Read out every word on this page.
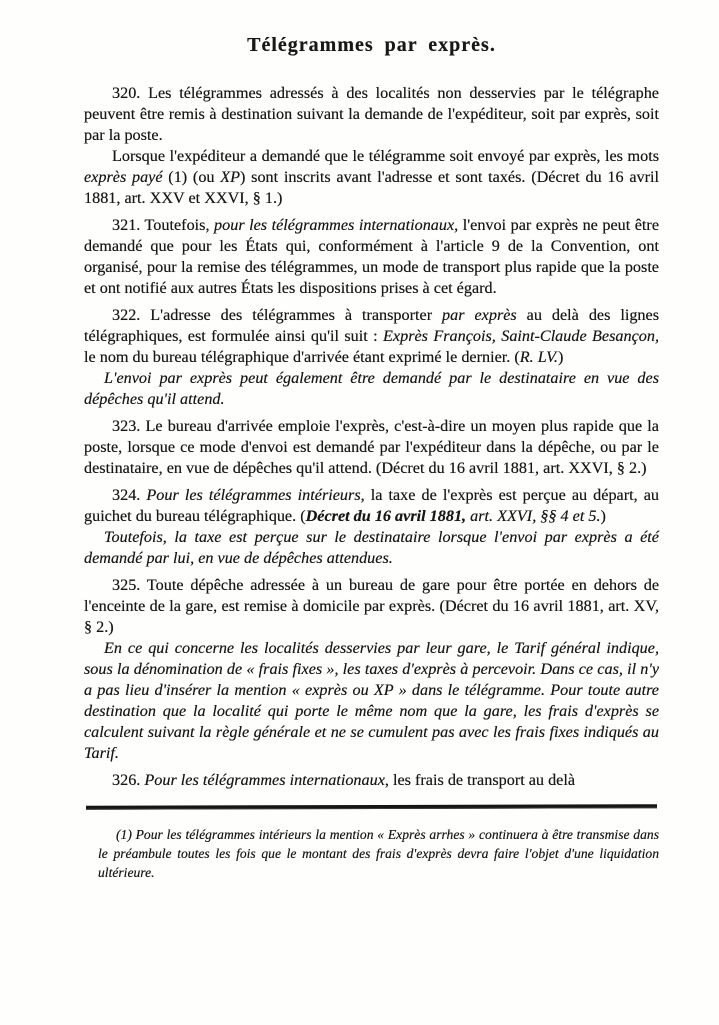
Télégrammes par exprès.

320. Les télégrammes adressés à des localités non desservies par le télégraphe peuvent être remis à destination suivant la demande de l'expéditeur, soit par exprès, soit par la poste.

Lorsque l'expéditeur a demandé que le télégramme soit envoyé par exprès, les mots exprès payé (1) (ou XP) sont inscrits avant l'adresse et sont taxés. (Décret du 16 avril 1881, art. XXV et XXVI, § 1.)

321. Toutefois, pour les télégrammes internationaux, l'envoi par exprès ne peut être demandé que pour les États qui, conformément à l'article 9 de la Convention, ont organisé, pour la remise des télégrammes, un mode de transport plus rapide que la poste et ont notifié aux autres États les dispositions prises à cet égard.

322. L'adresse des télégrammes à transporter par exprès au delà des lignes télégraphiques, est formulée ainsi qu'il suit : Exprès François, Saint-Claude Besançon, le nom du bureau télégraphique d'arrivée étant exprimé le dernier. (R. LV.)

L'envoi par exprès peut également être demandé par le destinataire en vue des dépêches qu'il attend.

323. Le bureau d'arrivée emploie l'exprès, c'est-à-dire un moyen plus rapide que la poste, lorsque ce mode d'envoi est demandé par l'expéditeur dans la dépêche, ou par le destinataire, en vue de dépêches qu'il attend. (Décret du 16 avril 1881, art. XXVI, § 2.)

324. Pour les télégrammes intérieurs, la taxe de l'exprès est perçue au départ, au guichet du bureau télégraphique. (Décret du 16 avril 1881, art. XXVI, §§ 4 et 5.)

Toutefois, la taxe est perçue sur le destinataire lorsque l'envoi par exprès a été demandé par lui, en vue de dépêches attendues.

325. Toute dépêche adressée à un bureau de gare pour être portée en dehors de l'enceinte de la gare, est remise à domicile par exprès. (Décret du 16 avril 1881, art. XV, § 2.)

En ce qui concerne les localités desservies par leur gare, le Tarif général indique, sous la dénomination de « frais fixes », les taxes d'exprès à percevoir. Dans ce cas, il n'y a pas lieu d'insérer la mention « exprès ou XP » dans le télégramme. Pour toute autre destination que la localité qui porte le même nom que la gare, les frais d'exprès se calculent suivant la règle générale et ne se cumulent pas avec les frais fixes indiqués au Tarif.

326. Pour les télégrammes internationaux, les frais de transport au delà

(1) Pour les télégrammes intérieurs la mention « Exprès arrhes » continuera à être transmise dans le préambule toutes les fois que le montant des frais d'exprès devra faire l'objet d'une liquidation ultérieure.
